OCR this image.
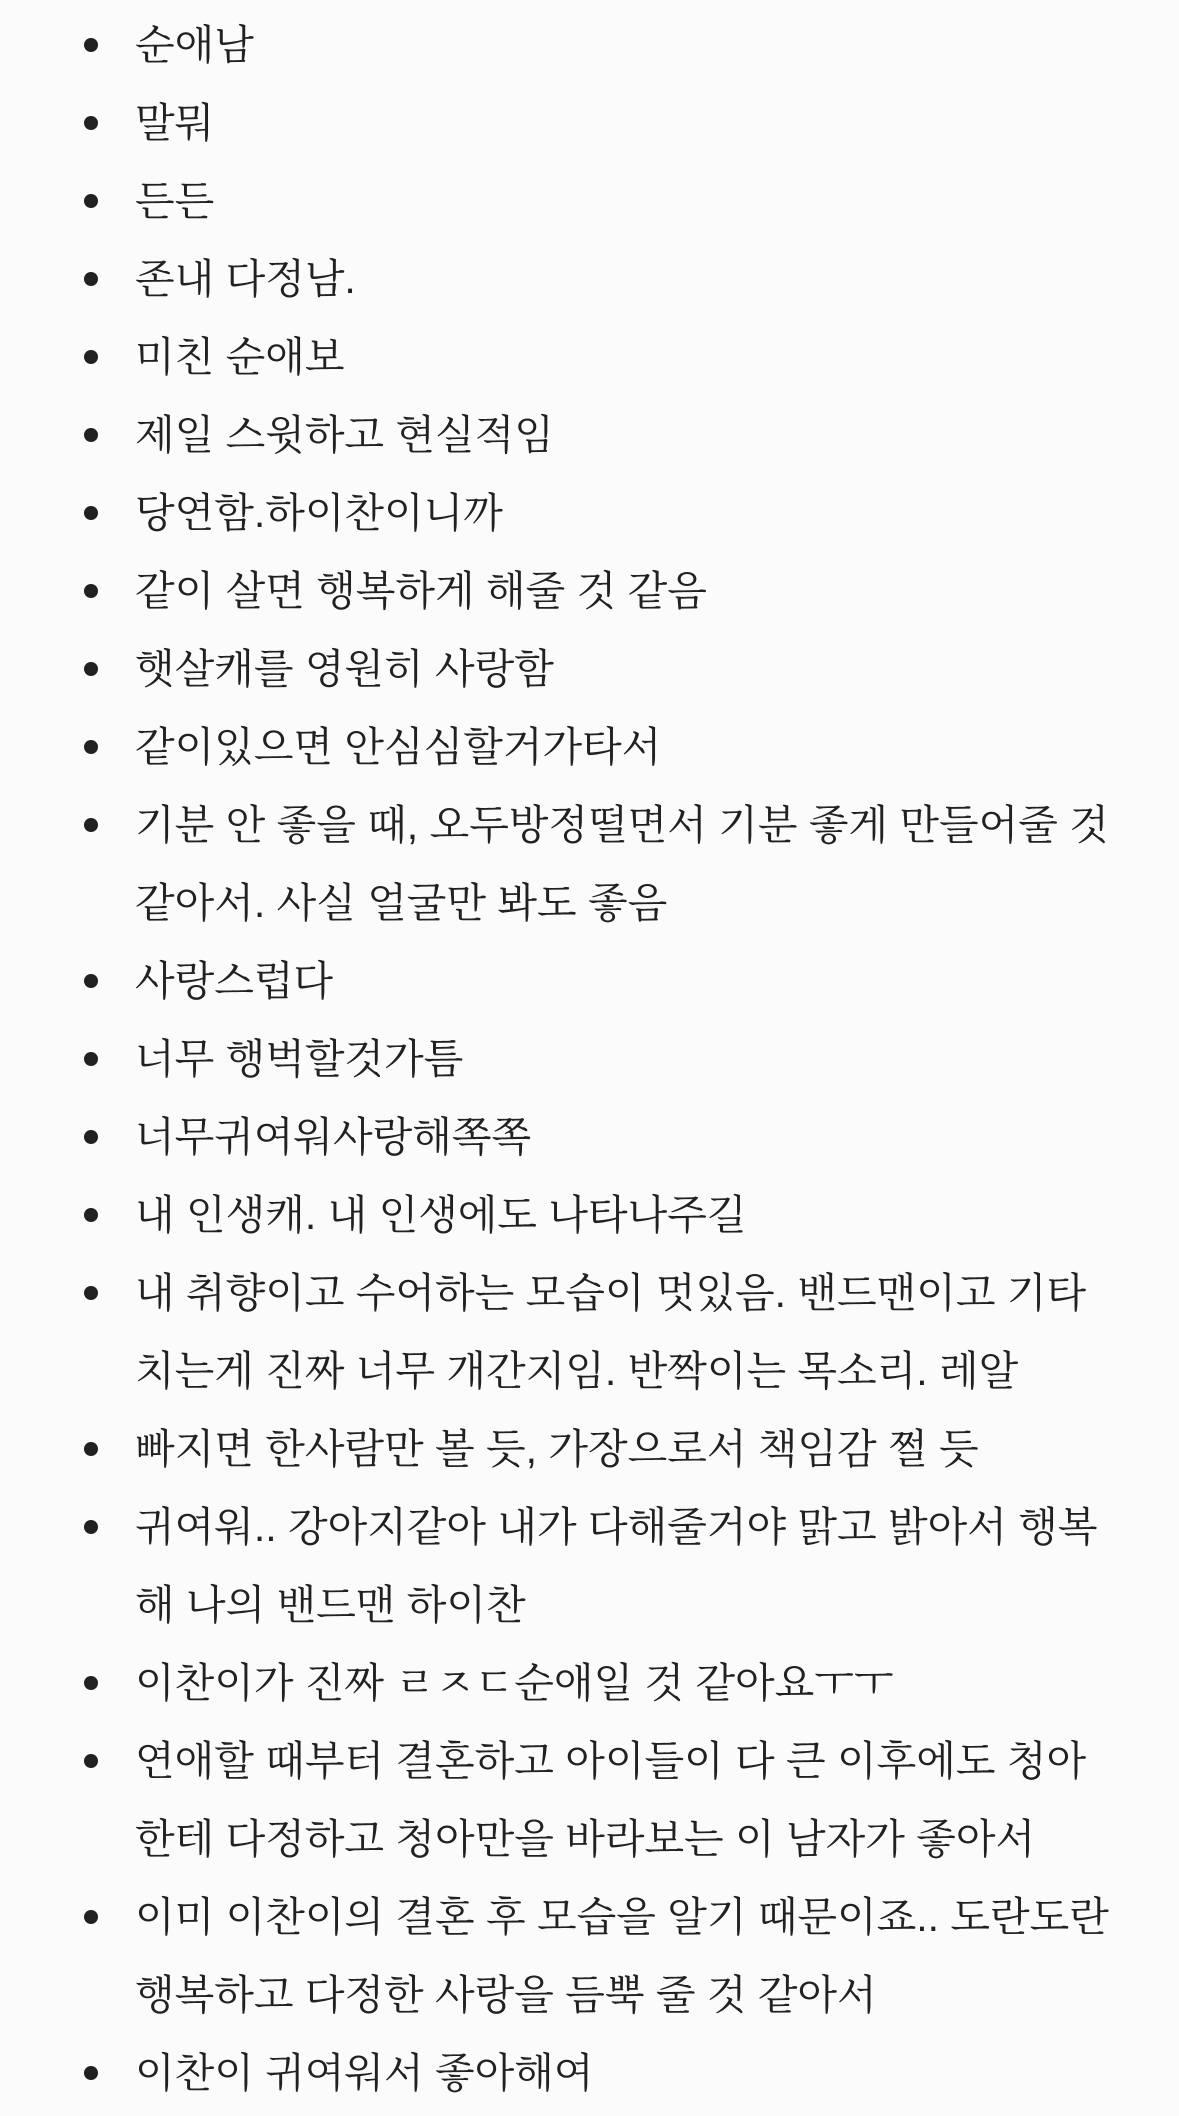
순애남
말뭐
든든
존내 다정남.
미친 순애보
제일 스윗하고 현실적임
당연함.하이찬이니까
같이 살면 행복하게 해줄 것 같음
햇살캐를 영원히 사랑함
같이있으면 안심심할거가타서
기분 안 좋을 때, 오두방정떨면서 기분 좋게 만들어줄 것 같아서. 사실 얼굴만 봐도 좋음
사랑스럽다
너무 행벅할것가틈
너무귀여워사랑해쪽쪽
내 인생캐. 내 인생에도 나타나주길
내 취향이고 수어하는 모습이 멋있음. 밴드맨이고 기타치는게 진짜 너무 개간지임. 반짝이는 목소리. 레알
빠지면 한사람만 볼 듯, 가장으로서 책임감 쩔 듯
귀여워.. 강아지같아 내가 다해줄거야 맑고 밝아서 행복해 나의 밴드맨 하이찬
이찬이가 진짜 ㄹㅈㄷ순애일 것 같아요ㅜㅜ
연애할 때부터 결혼하고 아이들이 다 큰 이후에도 청아한테 다정하고 청아만을 바라보는 이 남자가 좋아서
이미 이찬이의 결혼 후 모습을 알기 때문이죠.. 도란도란 행복하고 다정한 사랑을 듬뿍 줄 것 같아서
이찬이 귀여워서 좋아해여
